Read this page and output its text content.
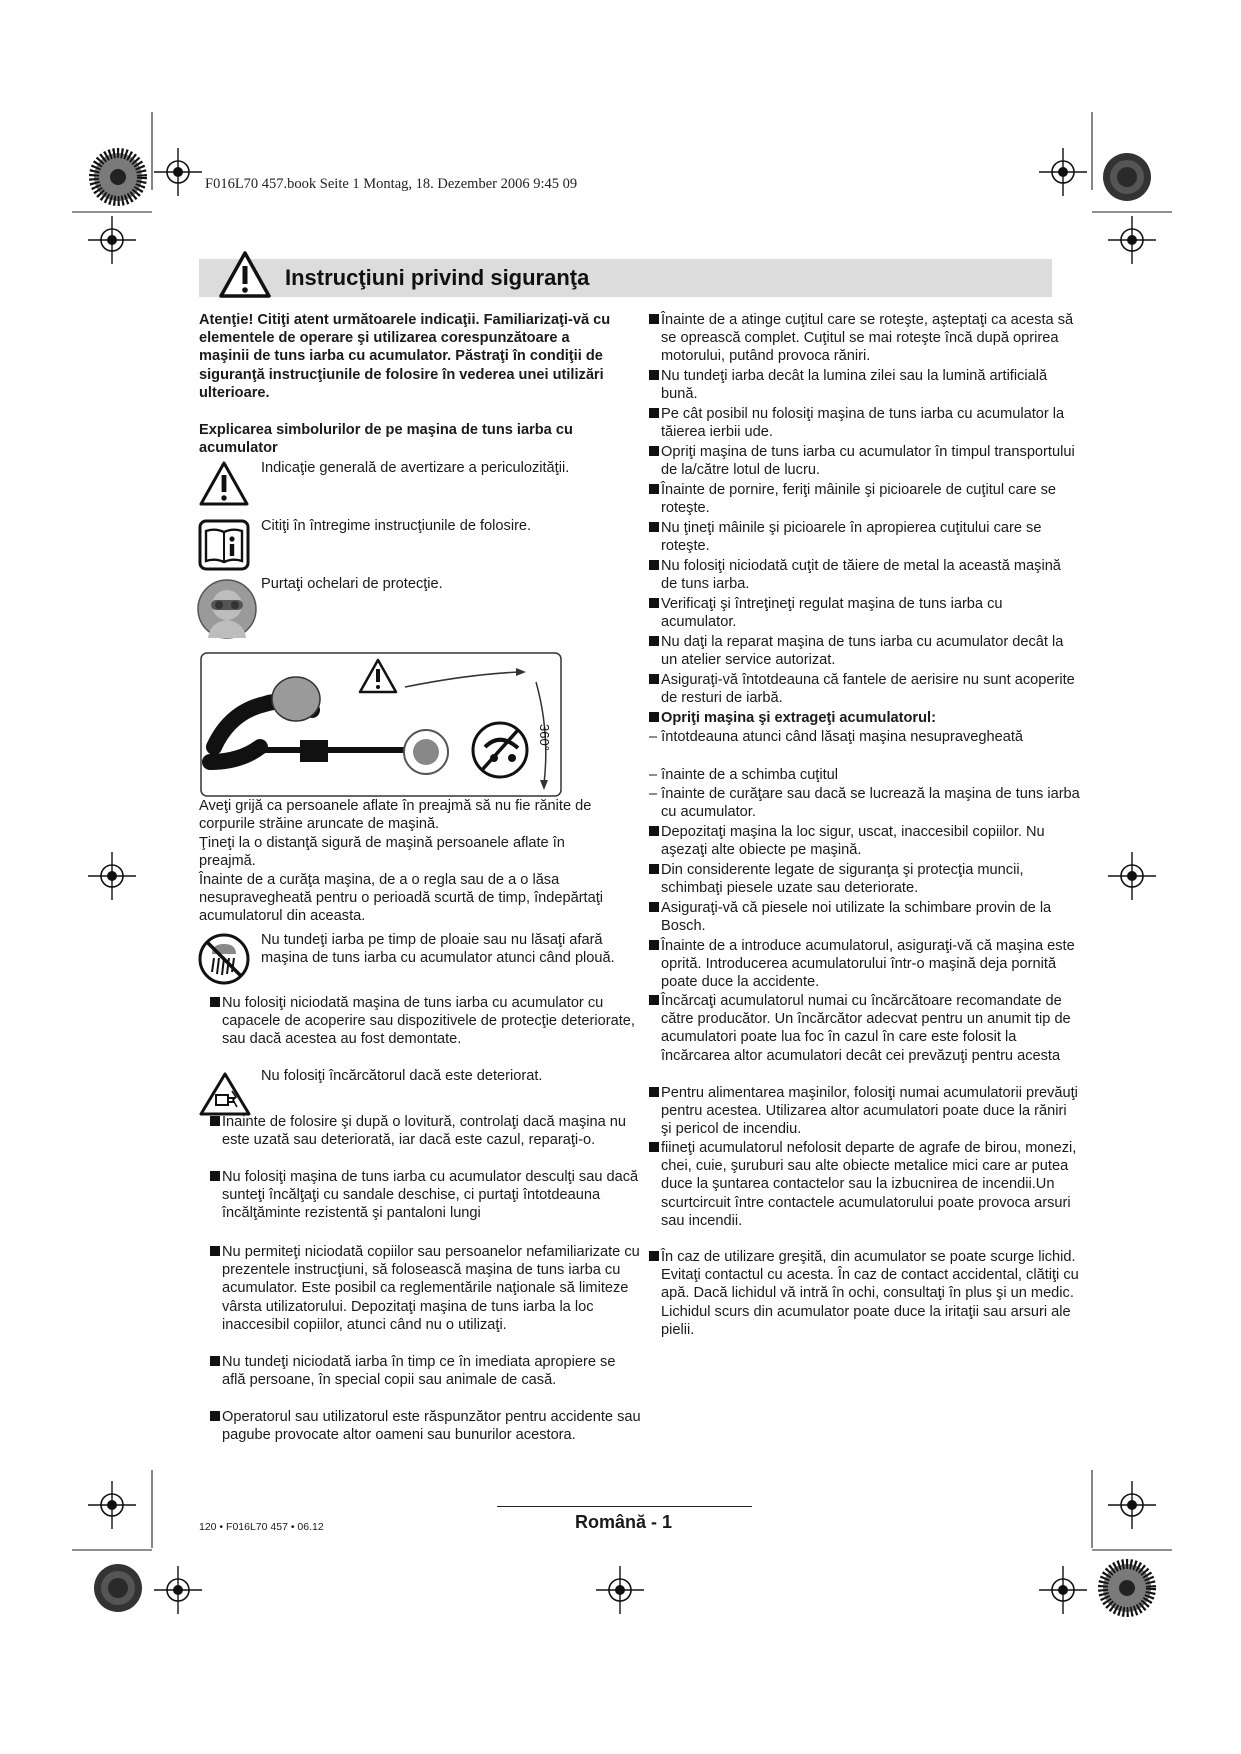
F016L70 457.book Seite 1 Montag, 18. Dezember 2006 9:45 09
Instrucţiuni privind siguranţa
Atenţie! Citiţi atent următoarele indicaţii. Familiarizaţi-vă cu elementele de operare şi utilizarea corespunzătoare a maşinii de tuns iarba cu acumulator. Păstraţi în condiţii de siguranţă instrucţiunile de folosire în vederea unei utilizări ulterioare.
Explicarea simbolurilor de pe maşina de tuns iarba cu acumulator
Indicaţie generală de avertizare a periculozităţii.
Citiţi în întregime instrucţiunile de folosire.
Purtaţi ochelari de protecţie.
360°
Aveţi grijă ca persoanele aflate în preajmă să nu fie rănite de corpurile străine aruncate de maşină.
Ţineţi la o distanţă sigură de maşină persoanele aflate în preajmă.
Înainte de a curăţa maşina, de a o regla sau de a o lăsa nesupravegheată pentru o perioadă scurtă de timp, îndepărtaţi acumulatorul din aceasta.
Nu tundeţi iarba pe timp de ploaie sau nu lăsaţi afară maşina de tuns iarba cu acumulator atunci când plouă.

Nu folosiţi niciodată maşina de tuns iarba cu acumulator cu capacele de acoperire sau dispozitivele de protecţie deteriorate, sau dacă acestea au fost demontate.

Nu folosiţi încărcătorul dacă este deteriorat.

Înainte de folosire şi după o lovitură, controlaţi dacă maşina nu este uzată sau deteriorată, iar dacă este cazul, reparaţi-o.

Nu folosiţi maşina de tuns iarba cu acumulator desculţi sau dacă sunteţi încălţaţi cu sandale deschise, ci purtaţi întotdeauna încălţăminte rezistentă şi pantaloni lungi

Nu permiteţi niciodată copiilor sau persoanelor nefamiliarizate cu prezentele instrucţiuni, să folosească maşina de tuns iarba cu acumulator. Este posibil ca reglementările naţionale să limiteze vârsta utilizatorului. Depozitaţi maşina de tuns iarba la loc inaccesibil copiilor, atunci când nu o utilizaţi.

Nu tundeţi niciodată iarba în timp ce în imediata apropiere se află persoane, în special copii sau animale de casă.

Operatorul sau utilizatorul este răspunzător pentru accidente sau pagube provocate altor oameni sau bunurilor acestora.

Înainte de a atinge cuţitul care se roteşte, aşteptaţi ca acesta să se oprească complet. Cuţitul se mai roteşte încă după oprirea motorului, putând provoca răniri.

Nu tundeţi iarba decât la lumina zilei sau la lumină artificială bună.

Pe cât posibil nu folosiţi maşina de tuns iarba cu acumulator la tăierea ierbii ude.

Opriţi maşina de tuns iarba cu acumulator în timpul transportului de la/către lotul de lucru.

Înainte de pornire, feriţi mâinile şi picioarele de cuţitul care se roteşte.

Nu ţineţi mâinile şi picioarele în apropierea cuţitului care se roteşte.

Nu folosiţi niciodată cuţit de tăiere de metal la această maşină de tuns iarba.

Verificaţi şi întreţineţi regulat maşina de tuns iarba cu acumulator.

Nu daţi la reparat maşina de tuns iarba cu acumulator decât la un atelier service autorizat.

Asiguraţi-vă întotdeauna că fantele de aerisire nu sunt acoperite de resturi de iarbă.

Opriţi maşina şi extrageţi acumulatorul:

– întotdeauna atunci când lăsaţi maşina nesupravegheată

– înainte de a schimba cuţitul

– înainte de curăţare sau dacă se lucrează la maşina de tuns iarba cu acumulator.

Depozitaţi maşina la loc sigur, uscat, inaccesibil copiilor. Nu aşezaţi alte obiecte pe maşină.

Din considerente legate de siguranţa şi protecţia muncii, schimbaţi piesele uzate sau deteriorate.

Asiguraţi-vă că piesele noi utilizate la schimbare provin de la Bosch.

Înainte de a introduce acumulatorul, asiguraţi-vă că maşina este oprită. Introducerea acumulatorului într-o maşină deja pornită poate duce la accidente.

Încărcaţi acumulatorul numai cu încărcătoare recomandate de către producător. Un încărcător adecvat pentru un anumit tip de acumulatori poate lua foc în cazul în care este folosit la încărcarea altor acumulatori decât cei prevăzuţi pentru acesta

Pentru alimentarea maşinilor, folosiţi numai acumulatorii prevăuţi pentru acestea. Utilizarea altor acumulatori poate duce la răniri şi pericol de incendiu.

fiineţi acumulatorul nefolosit departe de agrafe de birou, monezi, chei, cuie, şuruburi sau alte obiecte metalice mici care ar putea duce la şuntarea contactelor sau la izbucnirea de incendii.Un scurtcircuit între contactele acumulatorului poate provoca arsuri sau incendii.

În caz de utilizare greşită, din acumulator se poate scurge lichid. Evitaţi contactul cu acesta. În caz de contact accidental, clătiţi cu apă. Dacă lichidul vă intră în ochi, consultaţi în plus şi un medic. Lichidul scurs din acumulator poate duce la iritaţii sau arsuri ale pielii.

120 • F016L70 457 • 06.12	Română - 1
